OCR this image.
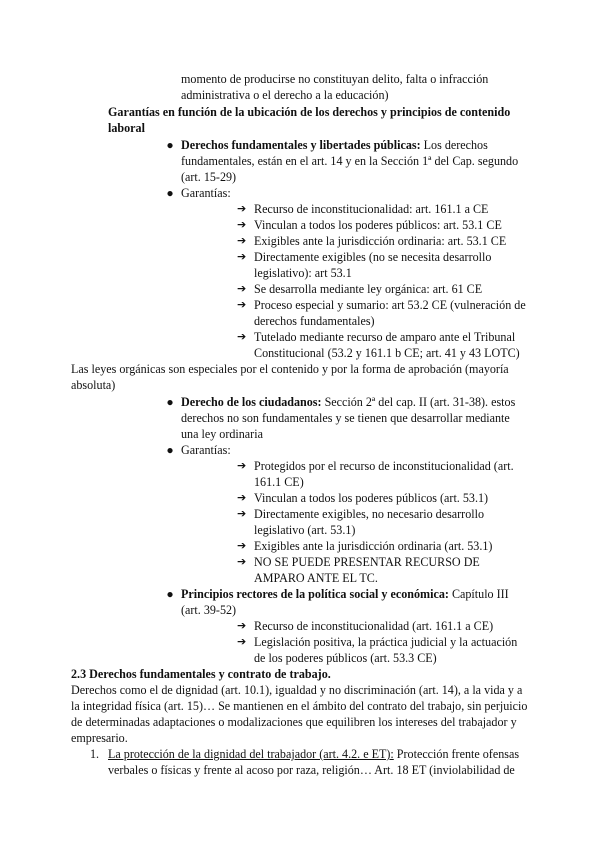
momento de producirse no constituyan delito, falta o infracción
administrativa o el derecho a la educación)
Garantías en función de la ubicación de los derechos y principios de contenido
laboral
● Derechos fundamentales y libertades públicas: Los derechos
fundamentales, están en el art. 14 y en la Sección 1ª del Cap. segundo
(art. 15-29)
● Garantías:
➔ Recurso de inconstitucionalidad: art. 161.1 a CE
➔ Vinculan a todos los poderes públicos: art. 53.1 CE
➔ Exigibles ante la jurisdicción ordinaria: art. 53.1 CE
➔ Directamente exigibles (no se necesita desarrollo
legislativo): art 53.1
➔ Se desarrolla mediante ley orgánica: art. 61 CE
➔ Proceso especial y sumario: art 53.2 CE (vulneración de
derechos fundamentales)
➔ Tutelado mediante recurso de amparo ante el Tribunal
Constitucional (53.2 y 161.1 b CE; art. 41 y 43 LOTC)
Las leyes orgánicas son especiales por el contenido y por la forma de aprobación (mayoría
absoluta)
● Derecho de los ciudadanos: Sección 2ª del cap. II (art. 31-38). estos
derechos no son fundamentales y se tienen que desarrollar mediante
una ley ordinaria
● Garantías:
➔ Protegidos por el recurso de inconstitucionalidad (art.
161.1 CE)
➔ Vinculan a todos los poderes públicos (art. 53.1)
➔ Directamente exigibles, no necesario desarrollo
legislativo (art. 53.1)
➔ Exigibles ante la jurisdicción ordinaria (art. 53.1)
➔ NO SE PUEDE PRESENTAR RECURSO DE
AMPARO ANTE EL TC.
● Principios rectores de la política social y económica: Capítulo III
(art. 39-52)
➔ Recurso de inconstitucionalidad (art. 161.1 a CE)
➔ Legislación positiva, la práctica judicial y la actuación
de los poderes públicos (art. 53.3 CE)
2.3 Derechos fundamentales y contrato de trabajo.
Derechos como el de dignidad (art. 10.1), igualdad y no discriminación (art. 14), a la vida y a
la integridad física (art. 15)… Se mantienen en el ámbito del contrato del trabajo, sin perjuicio
de determinadas adaptaciones o modalizaciones que equilibren los intereses del trabajador y
empresario.
1. La protección de la dignidad del trabajador (art. 4.2. e ET): Protección frente ofensas
verbales o físicas y frente al acoso por raza, religión… Art. 18 ET (inviolabilidad de
